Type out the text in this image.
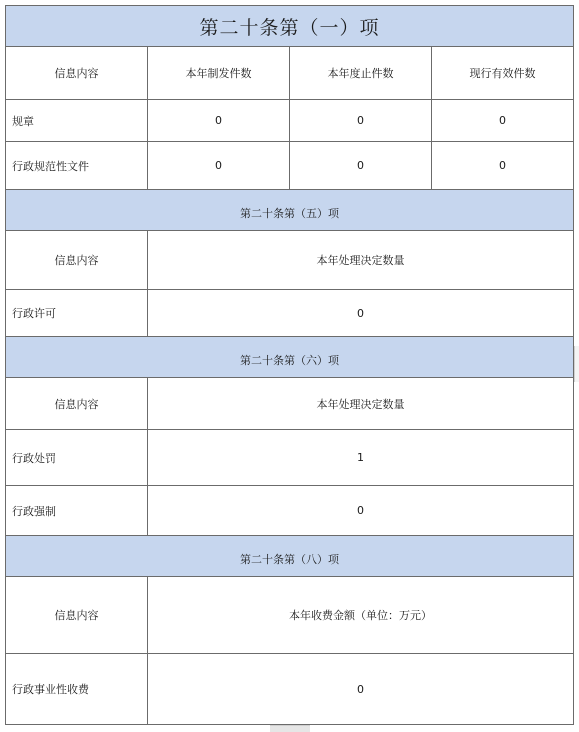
第二十条第（一）项			
信息内容	本年制发件数	本年度止件数	现行有效件数
规章	0	0	0
行政规范性文件	0	0	0
第二十条第（五）项			
信息内容	本年处理决定数量		
行政许可	0		
第二十条第（六）项			
信息内容	本年处理决定数量		
行政处罚	1		
行政强制	0		
第二十条第（八）项			
信息内容	本年收费金额（单位：万元）		
行政事业性收费	0		
